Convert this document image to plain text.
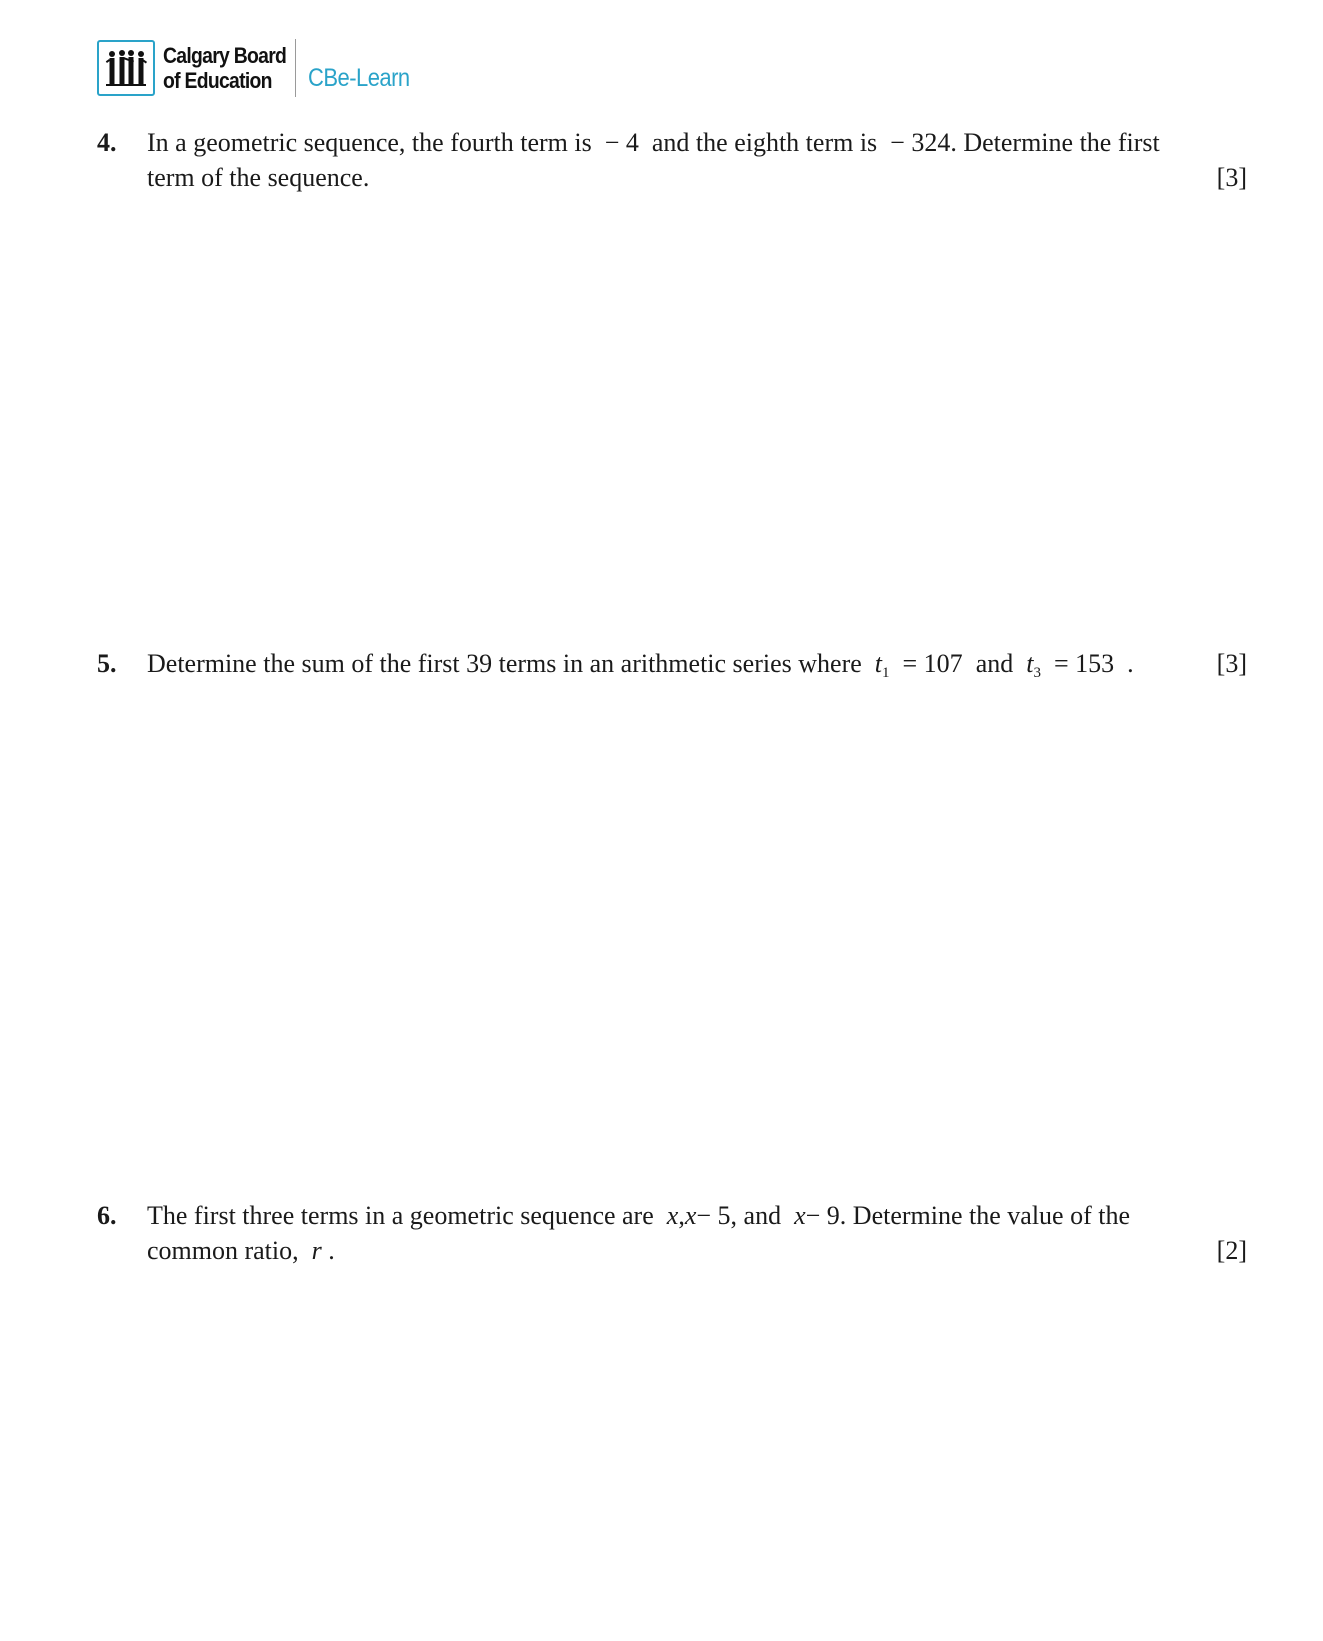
Calgary Board
of Education	CBe-Learn
4. In a geometric sequence, the fourth term is − 4 and the eighth term is − 324. Determine the first
term of the sequence.	[3]
5. Determine the sum of the first 39 terms in an arithmetic series where $t_1 = 107$ and $t_3 = 153$ .	[3]
6. The first three terms in a geometric sequence are x,x− 5, and x− 9. Determine the value of the
common ratio, r .	[2]
